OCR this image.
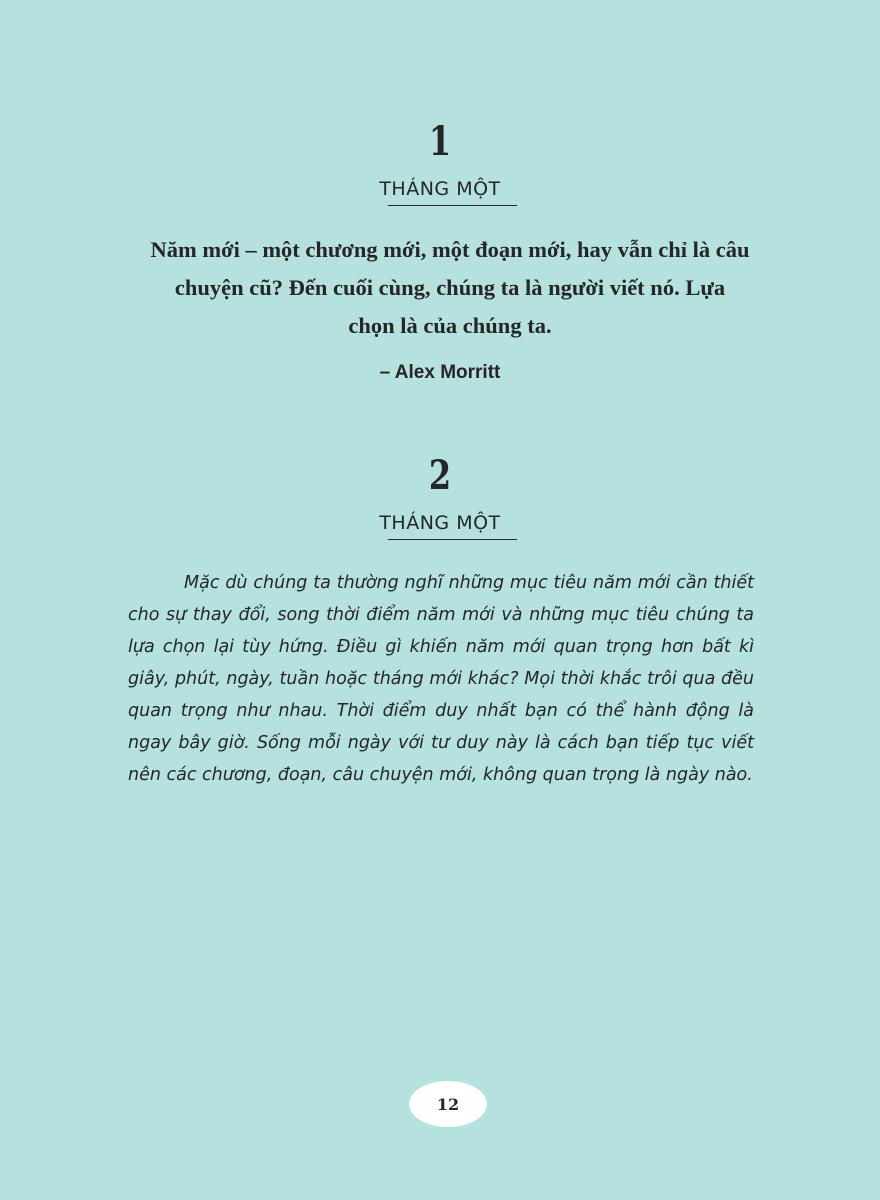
1
THÁNG MỘT

Năm mới – một chương mới, một đoạn mới, hay vẫn chỉ là câu chuyện cũ? Đến cuối cùng, chúng ta là người viết nó. Lựa chọn là của chúng ta.

– Alex Morritt
2
THÁNG MỘT

Mặc dù chúng ta thường nghĩ những mục tiêu năm mới cần thiết cho sự thay đổi, song thời điểm năm mới và những mục tiêu chúng ta lựa chọn lại tùy hứng. Điều gì khiến năm mới quan trọng hơn bất kì giây, phút, ngày, tuần hoặc tháng mới khác? Mọi thời khắc trôi qua đều quan trọng như nhau. Thời điểm duy nhất bạn có thể hành động là ngay bây giờ. Sống mỗi ngày với tư duy này là cách bạn tiếp tục viết nên các chương, đoạn, câu chuyện mới, không quan trọng là ngày nào.

12
